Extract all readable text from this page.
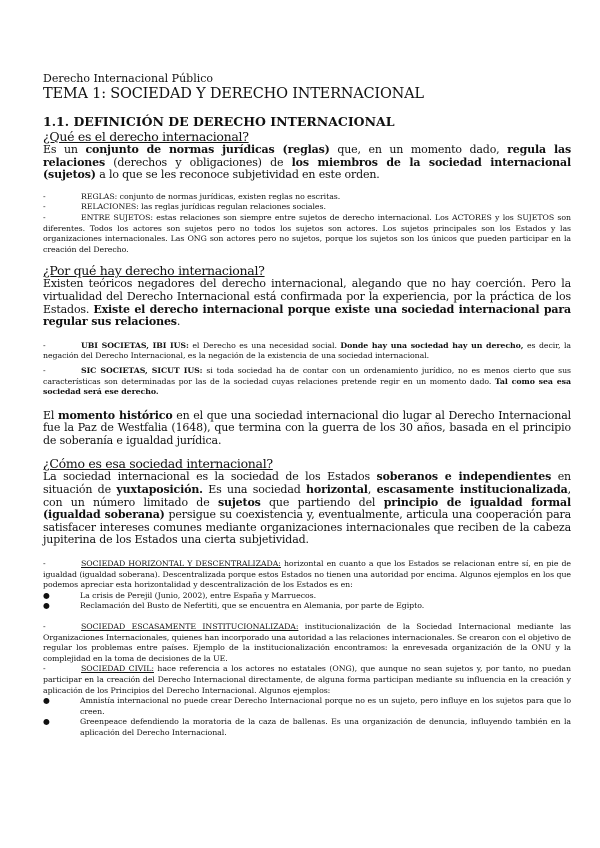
Derecho Internacional Público

TEMA 1: SOCIEDAD Y DERECHO INTERNACIONAL

1.1. DEFINICIÓN DE DERECHO INTERNACIONAL

¿Qué es el derecho internacional?

Es un conjunto de normas jurídicas (reglas) que, en un momento dado, regula las relaciones (derechos y obligaciones) de los miembros de la sociedad internacional (sujetos) a lo que se les reconoce subjetividad en este orden.

-	REGLAS: conjunto de normas jurídicas, existen reglas no escritas.

-	RELACIONES: las reglas jurídicas regulan relaciones sociales.

-	ENTRE SUJETOS: estas relaciones son siempre entre sujetos de derecho internacional. Los ACTORES y los SUJETOS son diferentes. Todos los actores son sujetos pero no todos los sujetos son actores. Los sujetos principales son los Estados y las organizaciones internacionales. Las ONG son actores pero no sujetos, porque los sujetos son los únicos que pueden participar en la creación del Derecho.

¿Por qué hay derecho internacional?

Existen teóricos negadores del derecho internacional, alegando que no hay coerción. Pero la virtualidad del Derecho Internacional está confirmada por la experiencia, por la práctica de los Estados. Existe el derecho internacional porque existe una sociedad internacional para regular sus relaciones.

-	UBI SOCIETAS, IBI IUS: el Derecho es una necesidad social. Donde hay una sociedad hay un derecho, es decir, la negación del Derecho Internacional, es la negación de la existencia de una sociedad internacional.

-	SIC SOCIETAS, SICUT IUS: si toda sociedad ha de contar con un ordenamiento jurídico, no es menos cierto que sus características son determinadas por las de la sociedad cuyas relaciones pretende regir en un momento dado. Tal como sea esa sociedad será ese derecho.

El momento histórico en el que una sociedad internacional dio lugar al Derecho Internacional fue la Paz de Westfalia (1648), que termina con la guerra de los 30 años, basada en el principio de soberanía e igualdad jurídica.

¿Cómo es esa sociedad internacional?

La sociedad internacional es la sociedad de los Estados soberanos e independientes en situación de yuxtaposición. Es una sociedad horizontal, escasamente institucionalizada, con un número limitado de sujetos que partiendo del principio de igualdad formal (igualdad soberana) persigue su coexistencia y, eventualmente, articula una cooperación para satisfacer intereses comunes mediante organizaciones internacionales que reciben de la cabeza jupiterina de los Estados una cierta subjetividad.

-	SOCIEDAD HORIZONTAL Y DESCENTRALIZADA: horizontal en cuanto a que los Estados se relacionan entre sí, en pie de igualdad (igualdad soberana). Descentralizada porque estos Estados no tienen una autoridad por encima. Algunos ejemplos en los que podemos apreciar esta horizontalidad y descentralización de los Estados es en:

●	La crisis de Perejil (Junio, 2002), entre España y Marruecos.

●	Reclamación del Busto de Nefertiti, que se encuentra en Alemania, por parte de Egipto.

-	SOCIEDAD ESCASAMENTE INSTITUCIONALIZADA: institucionalización de la Sociedad Internacional mediante las Organizaciones Internacionales, quienes han incorporado una autoridad a las relaciones internacionales. Se crearon con el objetivo de regular los problemas entre países. Ejemplo de la institucionalización encontramos: la enrevesada organización de la ONU y la complejidad en la toma de decisiones de la UE.

-	SOCIEDAD CIVIL: hace referencia a los actores no estatales (ONG), que aunque no sean sujetos y, por tanto, no puedan participar en la creación del Derecho Internacional directamente, de alguna forma participan mediante su influencia en la creación y aplicación de los Principios del Derecho Internacional. Algunos ejemplos:

●	Amnistía internacional no puede crear Derecho Internacional porque no es un sujeto, pero influye en los sujetos para que lo creen.

●	Greenpeace defendiendo la moratoria de la caza de ballenas. Es una organización de denuncia, influyendo también en la aplicación del Derecho Internacional.
